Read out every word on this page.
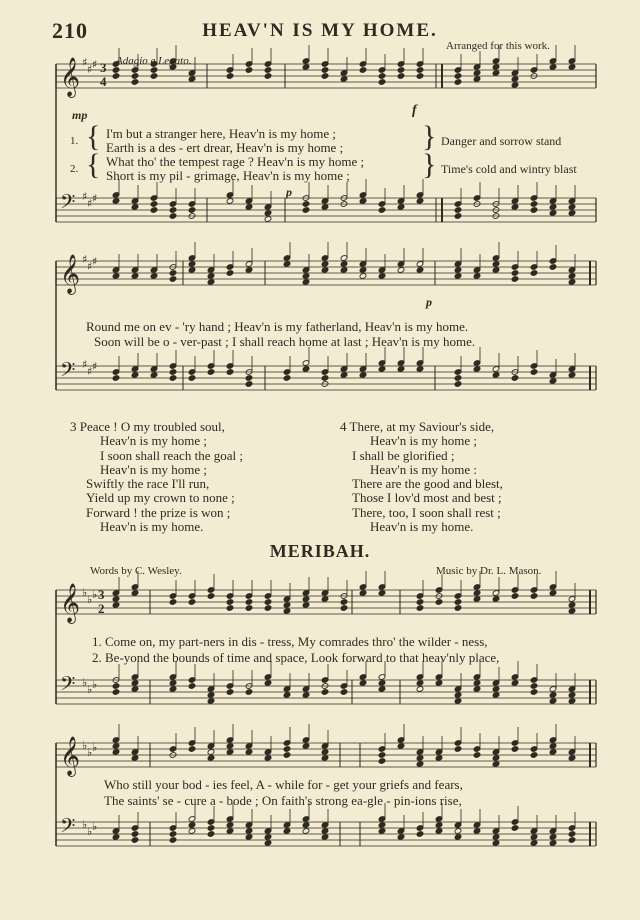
𝄞 ♯
♯ ♯
𝄢 ♯
♯ ♯
𝄞 ♯
♯ ♯
𝄢 ♯
♯ ♯
𝄞 ♭
♭ ♭
𝄢 ♭
♭ ♭
𝄞 ♭
♭ ♭
𝄢 ♭
♭ ♭
210	HEAV'N IS MY HOME.
Arranged for this work.
Adagio e Legato.
3
4
mp	f
p
p
1.
2.
{
{
}
}
I'm but a stranger here, Heav'n is my home ;
Earth is a des - ert drear, Heav'n is my home ;
What tho' the tempest rage ? Heav'n is my home ;
Short is my pil - grimage, Heav'n is my home ;
Danger and sorrow stand
Time's cold and wintry blast
Round me on ev - 'ry hand ; Heav'n is my fatherland, Heav'n is my home.
Soon will be o - ver-past ; I shall reach home at last ; Heav'n is my home.
3 Peace ! O my troubled soul,
Heav'n is my home ;
I soon shall reach the goal ;
Heav'n is my home ;
Swiftly the race I'll run,
Yield up my crown to none ;
Forward ! the prize is won ;
Heav'n is my home.
4 There, at my Saviour's side,
Heav'n is my home ;
I shall be glorified ;
Heav'n is my home :
There are the good and blest,
Those I lov'd most and best ;
There, too, I soon shall rest ;
Heav'n is my home.
MERIBAH.
Words by C. Wesley.	Music by Dr. L. Mason.
3
2
1. Come on, my part-ners in dis - tress, My comrades thro' the wilder - ness,
2. Be-yond the bounds of time and space, Look forward to that heav'nly place,
Who still your bod - ies feel, A - while for - get your griefs and fears,
The saints' se - cure a - bode ; On faith's strong ea-gle - pin-ions rise,
